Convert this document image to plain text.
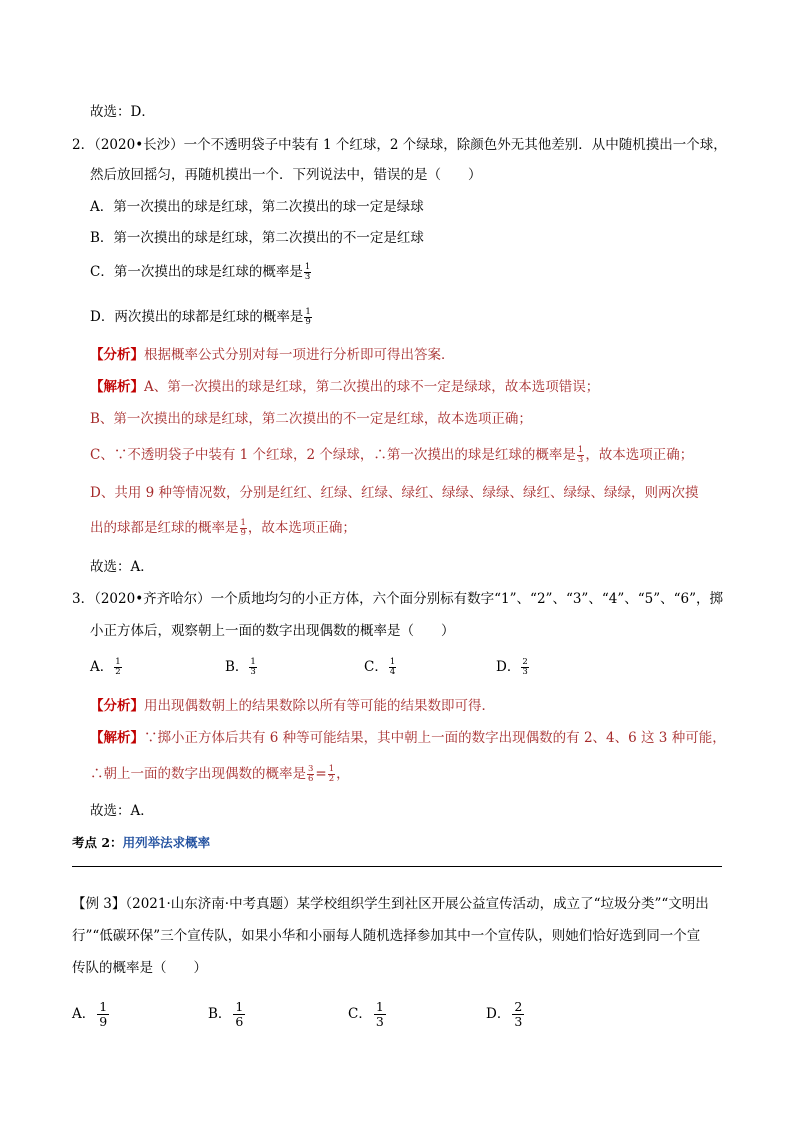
故选：D．
2．（2020•长沙）一个不透明袋子中装有 1 个红球，2 个绿球，除颜色外无其他差别．从中随机摸出一个球，
然后放回摇匀，再随机摸出一个．下列说法中，错误的是（　　）
A．第一次摸出的球是红球，第二次摸出的球一定是绿球
B．第一次摸出的球是红球，第二次摸出的不一定是红球
C．第一次摸出的球是红球的概率是 $\frac{1}{3}$
D．两次摸出的球都是红球的概率是 $\frac{1}{9}$
【分析】根据概率公式分别对每一项进行分析即可得出答案．
【解析】A、第一次摸出的球是红球，第二次摸出的球不一定是绿球，故本选项错误；
B、第一次摸出的球是红球，第二次摸出的不一定是红球，故本选项正确；
C、∵不透明袋子中装有 1 个红球，2 个绿球，∴第一次摸出的球是红球的概率是 $\frac{1}{3}$ ，故本选项正确；
D、共用 9 种等情况数，分别是红红、红绿、红绿、绿红、绿绿、绿绿、绿红、绿绿、绿绿，则两次摸
出的球都是红球的概率是 $\frac{1}{9}$ ，故本选项正确；
故选：A．
3．（2020•齐齐哈尔）一个质地均匀的小正方体，六个面分别标有数字“1”、“2”、“3”、“4”、“5”、“6”，掷
小正方体后，观察朝上一面的数字出现偶数的概率是（　　）
A． $\frac{1}{2}$	B． $\frac{1}{3}$	C． $\frac{1}{4}$	D． $\frac{2}{3}$
【分析】用出现偶数朝上的结果数除以所有等可能的结果数即可得．
【解析】∵掷小正方体后共有 6 种等可能结果，其中朝上一面的数字出现偶数的有 2、4、6 这 3 种可能，
∴朝上一面的数字出现偶数的概率是 $\frac{3}{6} = \frac{1}{2}$ ，
故选：A．
考点 2：用列举法求概率
【例 3】（2021·山东济南·中考真题）某学校组织学生到社区开展公益宣传活动，成立了“垃圾分类”“文明出
行”“低碳环保”三个宣传队，如果小华和小丽每人随机选择参加其中一个宣传队，则她们恰好选到同一个宣
传队的概率是（　　）
A． $\frac{1}{9}$	B． $\frac{1}{6}$	C． $\frac{1}{3}$	D． $\frac{2}{3}$
